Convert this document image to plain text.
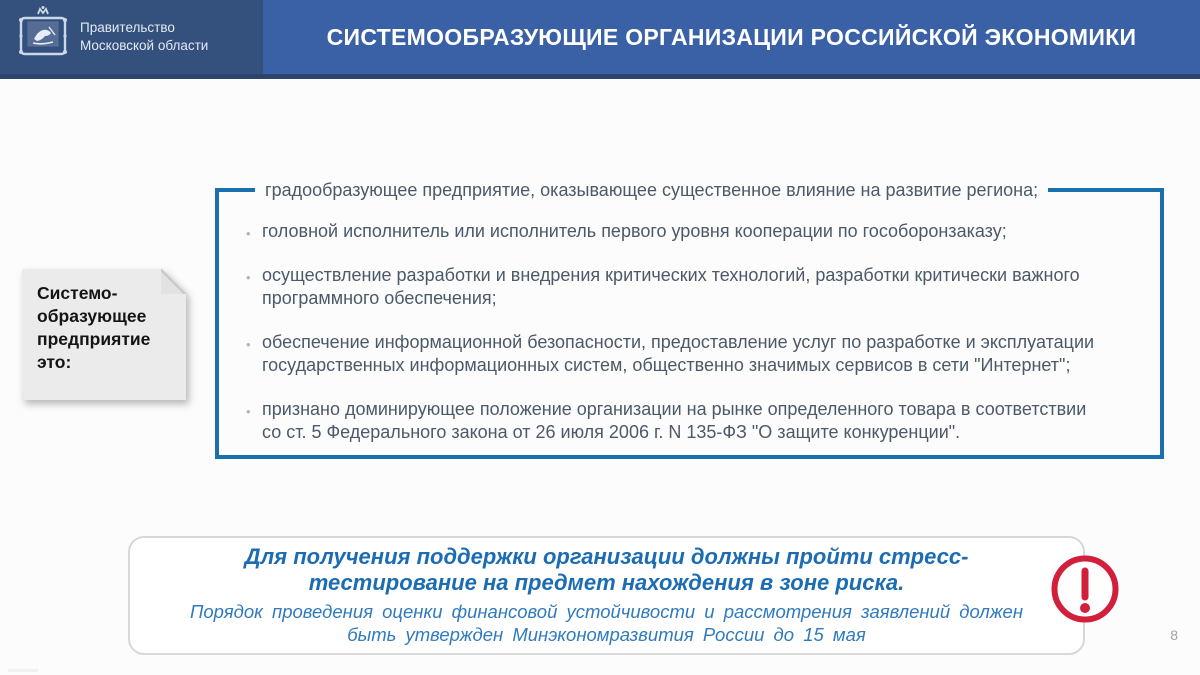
Правительство
Московской области	СИСТЕМООБРАЗУЮЩИЕ ОРГАНИЗАЦИИ РОССИЙСКОЙ ЭКОНОМИКИ
Системо-образующее предприятие это:
градообразующее предприятие, оказывающее существенное влияние на развитие региона;
• головной исполнитель или исполнитель первого уровня кооперации по гособоронзаказу;
• осуществление разработки и внедрения критических технологий, разработки критически важного программного обеспечения;
• обеспечение информационной безопасности, предоставление услуг по разработке и эксплуатации государственных информационных систем, общественно значимых сервисов в сети "Интернет";
• признано доминирующее положение организации на рынке определенного товара в соответствии со ст. 5 Федерального закона от 26 июля 2006 г. N 135-ФЗ "О защите конкуренции".
Для получения поддержки организации должны пройти стресс-
тестирование на предмет нахождения в зоне риска.
Порядок проведения оценки финансовой устойчивости и рассмотрения заявлений должен
быть утвержден Минэкономразвития России до 15 мая	8
